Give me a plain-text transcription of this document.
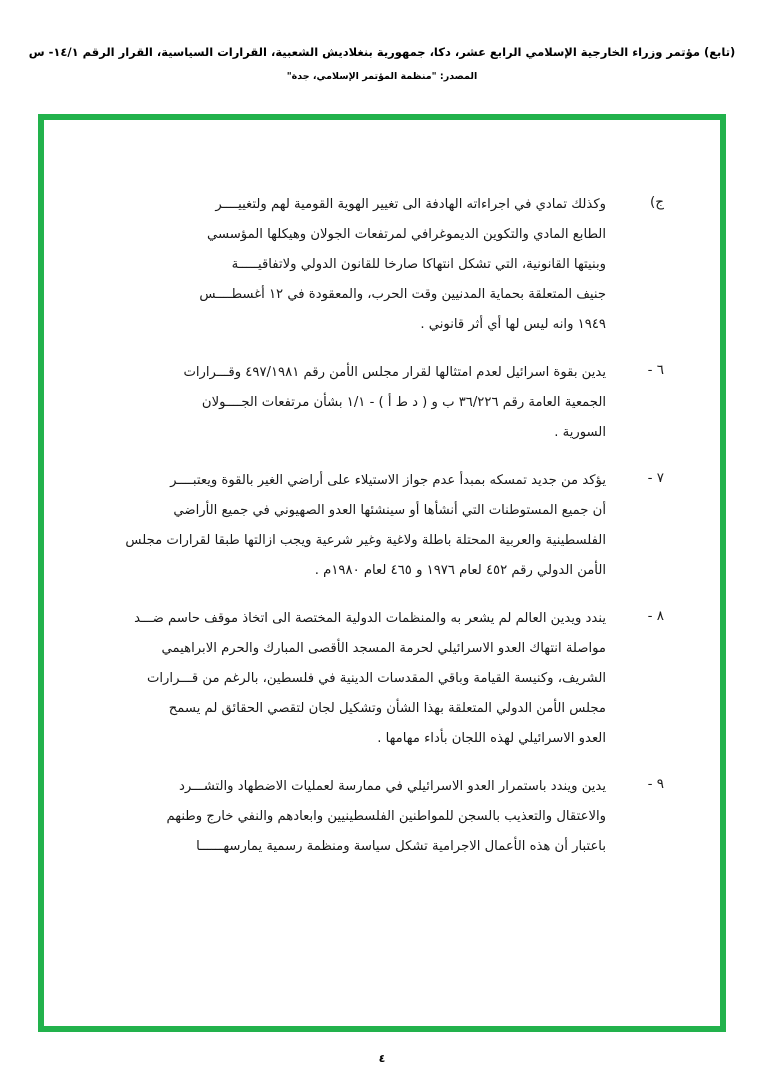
(تابع) مؤتمر وزراء الخارجية الإسلامي الرابع عشر، دكا، جمهورية بنغلاديش الشعبية، القرارات السياسية، القرار الرقم ١٤/١- س
المصدر: "منظمة المؤتمر الإسلامي، جدة"
ج)
وكذلك تمادي في اجراءاته الهادفة الى تغيير الهوية القومية لهم ولتغييــــر
الطابع المادي والتكوين الديموغرافي لمرتفعات الجولان وهيكلها المؤسسي
وبنيتها القانونية، التي تشكل انتهاكا صارخا للقانون الدولي ولاتفاقيـــــة
جنيف المتعلقة بحماية المدنيين وقت الحرب، والمعقودة في ١٢ أغسطــــس
١٩٤٩ وانه ليس لها أي أثر قانوني .
٦ -
يدين بقوة اسرائيل لعدم امتثالها لقرار مجلس الأمن رقم ٤٩٧/١٩٨١ وقـــرارات
الجمعية العامة رقم ٣٦/٢٢٦ ب و ( د ط أ ) - ١/١ بشأن مرتفعات الجــــولان
السورية .
٧ -
يؤكد من جديد تمسكه بمبدأ عدم جواز الاستيلاء على أراضي الغير بالقوة ويعتبــــر
أن جميع المستوطنات التي أنشأها أو سينشئها العدو الصهيوني في جميع الأراضي
الفلسطينية والعربية المحتلة باطلة ولاغية وغير شرعية ويجب ازالتها طبقا لقرارات مجلس
الأمن الدولي رقم ٤٥٢ لعام ١٩٧٦ و ٤٦٥ لعام ١٩٨٠م .
٨ -
يندد ويدين العالم لم يشعر به والمنظمات الدولية المختصة الى اتخاذ موقف حاسم ضـــد
مواصلة انتهاك العدو الاسرائيلي لحرمة المسجد الأقصى المبارك والحرم الابراهيمي
الشريف، وكنيسة القيامة وباقي المقدسات الدينية في فلسطين، بالرغم من قـــرارات
مجلس الأمن الدولي المتعلقة بهذا الشأن وتشكيل لجان لتقصي الحقائق لم يسمح
العدو الاسرائيلي لهذه اللجان بأداء مهامها .
٩ -
يدين ويندد باستمرار العدو الاسرائيلي في ممارسة لعمليات الاضطهاد والتشـــرد
والاعتقال والتعذيب بالسجن للمواطنين الفلسطينيين وابعادهم والنفي خارج وطنهم
باعتبار أن هذه الأعمال الاجرامية تشكل سياسة ومنظمة رسمية يمارسهــــــا
٤
